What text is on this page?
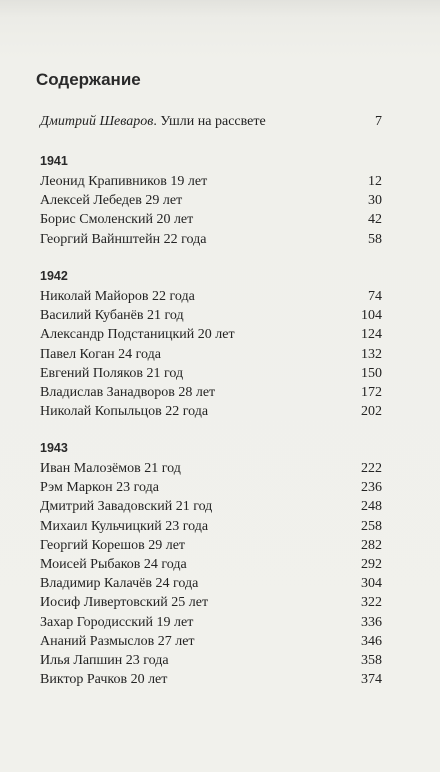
Содержание
Дмитрий Шеваров. Ушли на рассвете	7
1941
Леонид Крапивников 19 лет	12
Алексей Лебедев 29 лет	30
Борис Смоленский 20 лет	42
Георгий Вайнштейн 22 года	58
1942
Николай Майоров 22 года	74
Василий Кубанёв 21 год	104
Александр Подстаницкий 20 лет	124
Павел Коган 24 года	132
Евгений Поляков 21 год	150
Владислав Занадворов 28 лет	172
Николай Копыльцов 22 года	202
1943
Иван Малозёмов 21 год	222
Рэм Маркон 23 года	236
Дмитрий Завадовский 21 год	248
Михаил Кульчицкий 23 года	258
Георгий Корешов 29 лет	282
Моисей Рыбаков 24 года	292
Владимир Калачёв 24 года	304
Иосиф Ливертовский 25 лет	322
Захар Городисский 19 лет	336
Ананий Размыслов 27 лет	346
Илья Лапшин 23 года	358
Виктор Рачков 20 лет	374
